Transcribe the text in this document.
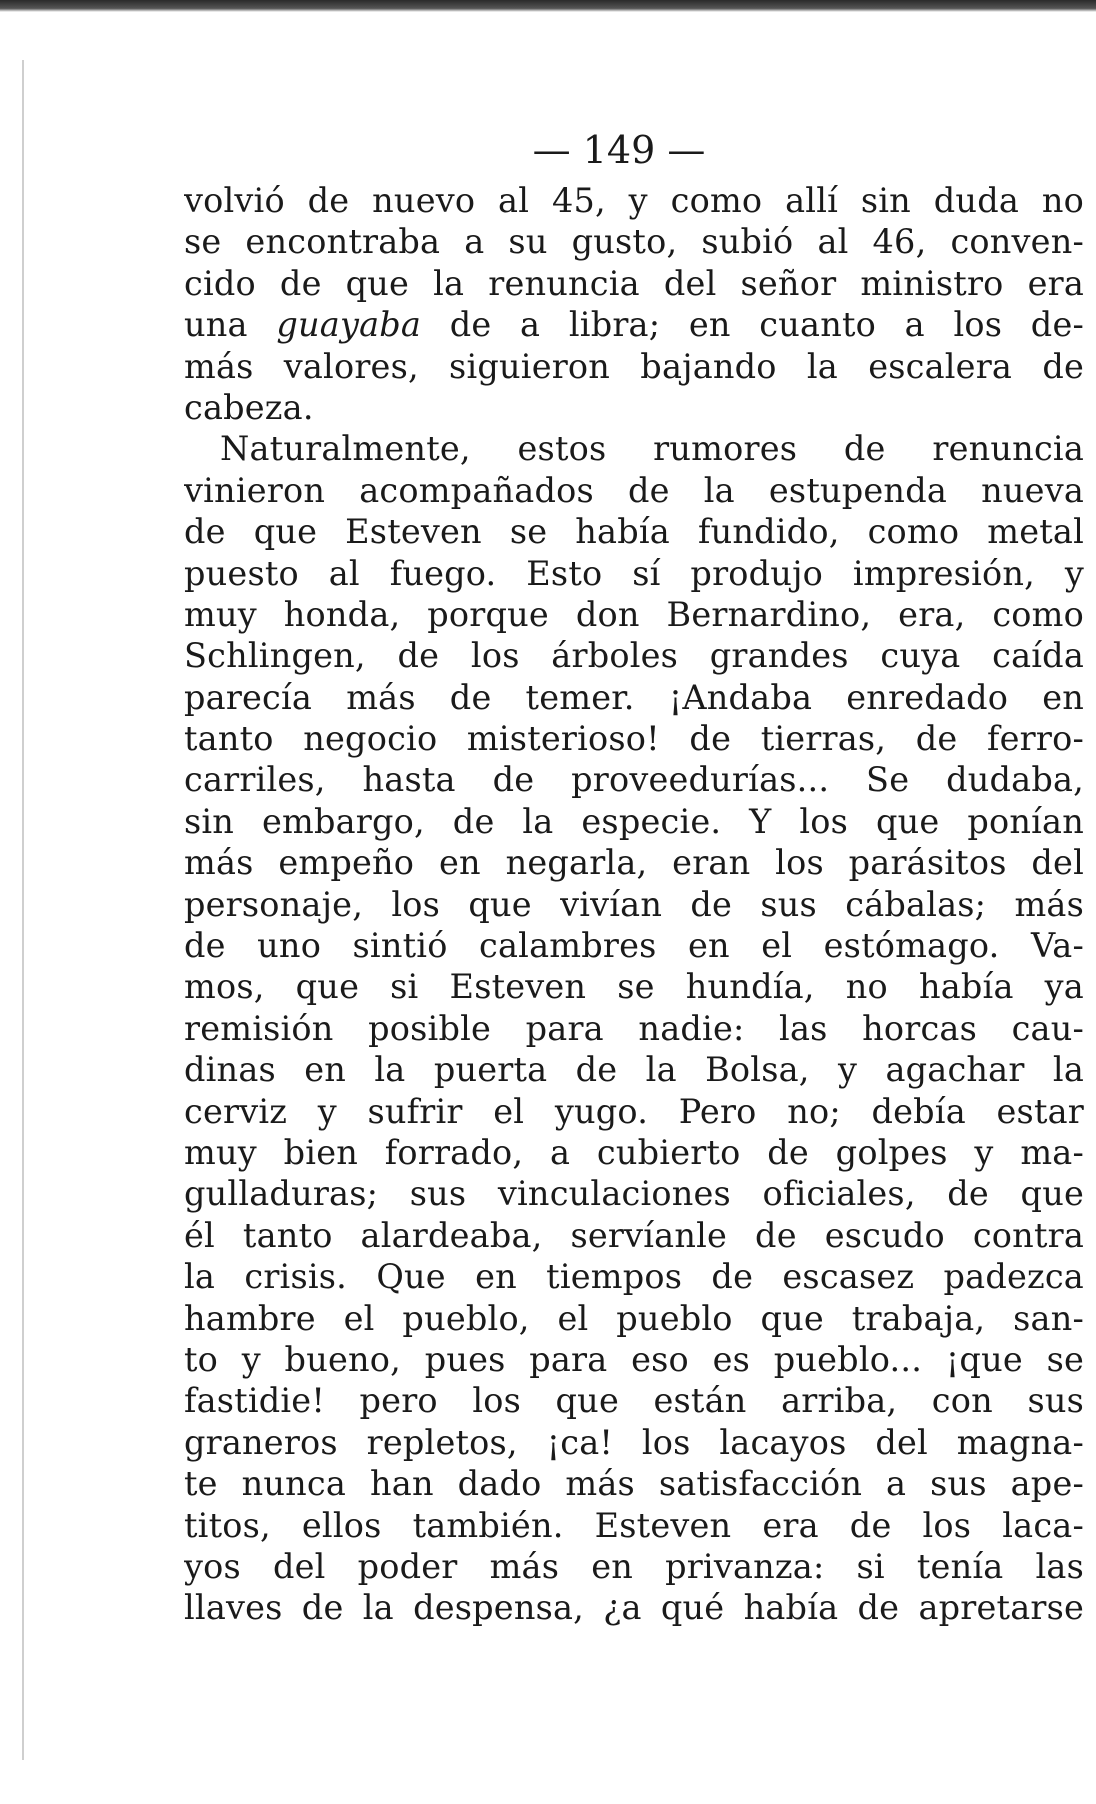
— 149 —
volvió de nuevo al 45, y como allí sin duda no
se encontraba a su gusto, subió al 46, conven-
cido de que la renuncia del señor ministro era
una guayaba de a libra; en cuanto a los de-
más valores, siguieron bajando la escalera de
cabeza.
Naturalmente, estos rumores de renuncia
vinieron acompañados de la estupenda nueva
de que Esteven se había fundido, como metal
puesto al fuego. Esto sí produjo impresión, y
muy honda, porque don Bernardino, era, como
Schlingen, de los árboles grandes cuya caída
parecía más de temer. ¡Andaba enredado en
tanto negocio misterioso! de tierras, de ferro-
carriles, hasta de proveedurías... Se dudaba,
sin embargo, de la especie. Y los que ponían
más empeño en negarla, eran los parásitos del
personaje, los que vivían de sus cábalas; más
de uno sintió calambres en el estómago. Va-
mos, que si Esteven se hundía, no había ya
remisión posible para nadie: las horcas cau-
dinas en la puerta de la Bolsa, y agachar la
cerviz y sufrir el yugo. Pero no; debía estar
muy bien forrado, a cubierto de golpes y ma-
gulladuras; sus vinculaciones oficiales, de que
él tanto alardeaba, servíanle de escudo contra
la crisis. Que en tiempos de escasez padezca
hambre el pueblo, el pueblo que trabaja, san-
to y bueno, pues para eso es pueblo... ¡que se
fastidie! pero los que están arriba, con sus
graneros repletos, ¡ca! los lacayos del magna-
te nunca han dado más satisfacción a sus ape-
titos, ellos también. Esteven era de los laca-
yos del poder más en privanza: si tenía las
llaves de la despensa, ¿a qué había de apretarse
